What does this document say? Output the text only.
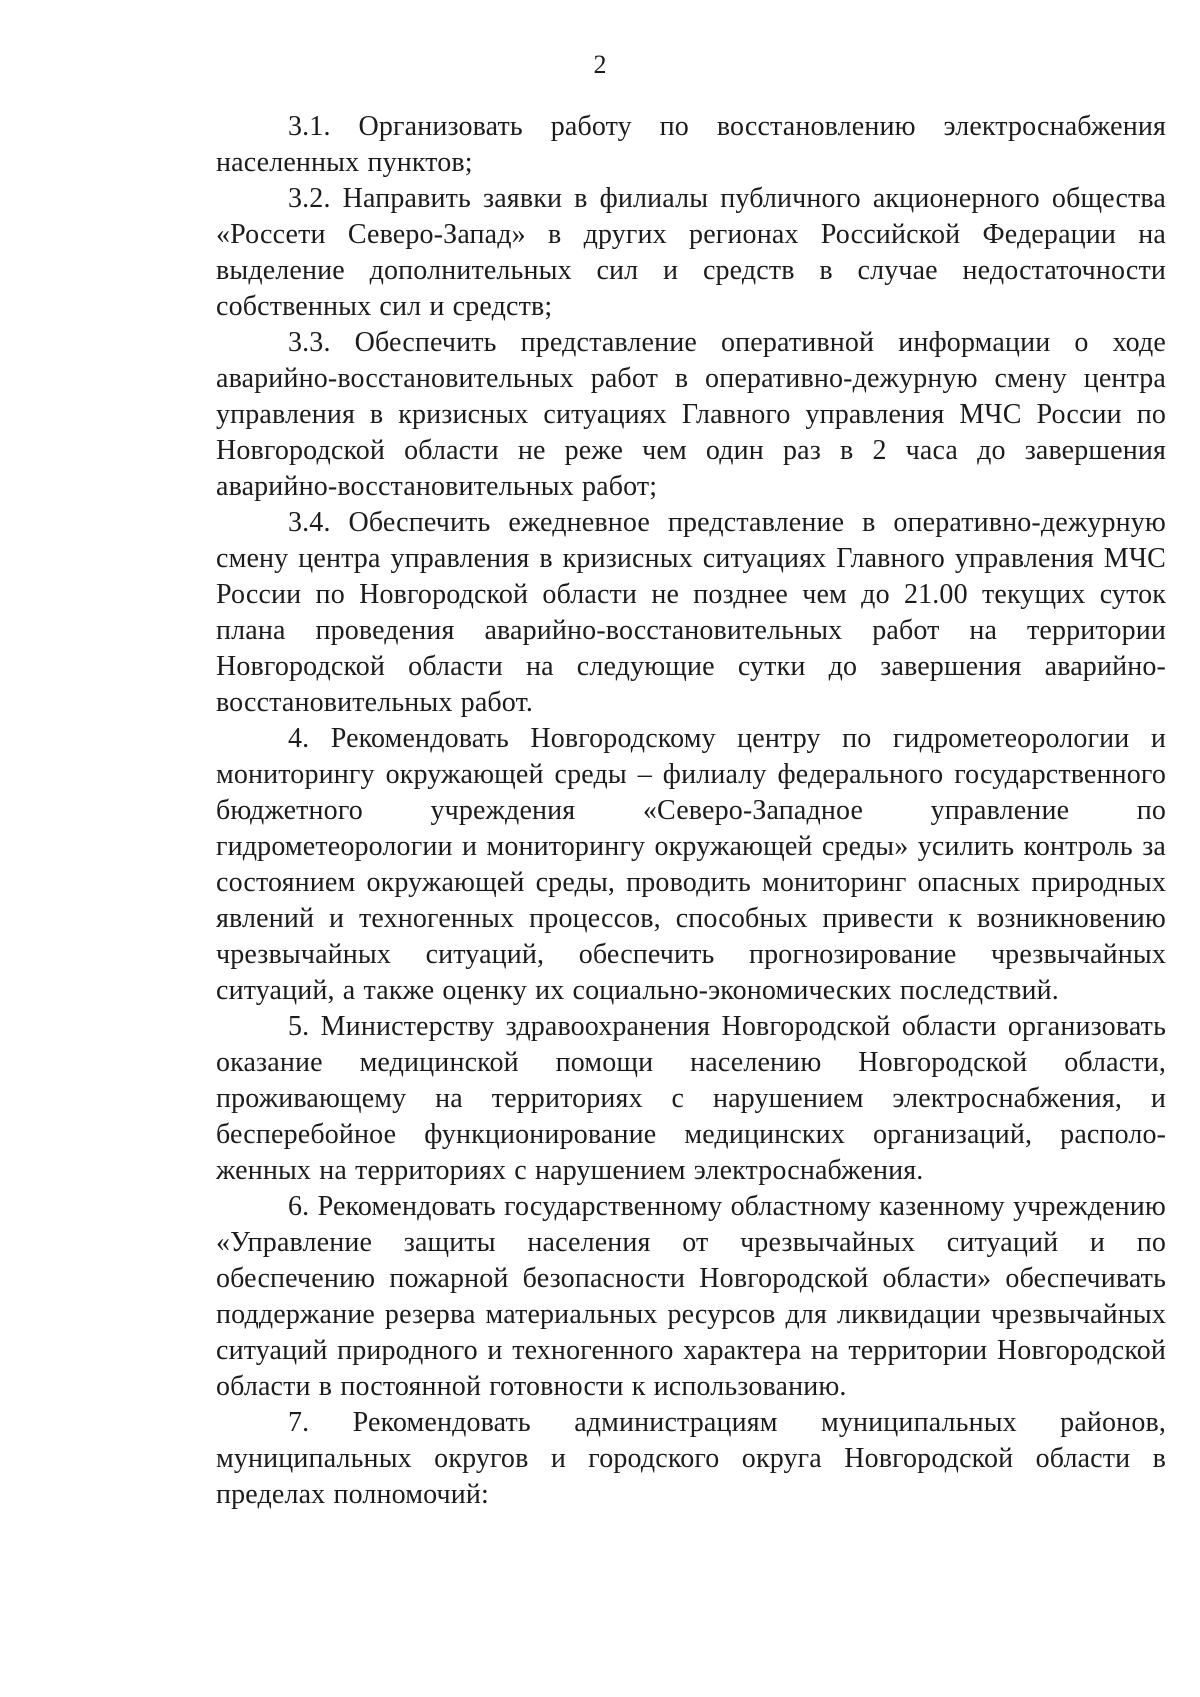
2

3.1. Организовать работу по восстановлению электроснабжения населенных пунктов;

3.2. Направить заявки в филиалы публичного акционерного общества «Россети Северо-Запад» в других регионах Российской Федерации на выделение дополнительных сил и средств в случае недостаточности собственных сил и средств;

3.3. Обеспечить представление оперативной информации о ходе аварийно-восстановительных работ в оперативно-дежурную смену центра управления в кризисных ситуациях Главного управления МЧС России по Новгородской области не реже чем один раз в 2 часа до завершения аварийно-восстановительных работ;

3.4. Обеспечить ежедневное представление в оперативно-дежурную смену центра управления в кризисных ситуациях Главного управления МЧС России по Новгородской области не позднее чем до 21.00 текущих суток плана проведения аварийно-восстановительных работ на территории Новгородской области на следующие сутки до завершения аварийно-восстановительных работ.

4. Рекомендовать Новгородскому центру по гидрометеорологии и мониторингу окружающей среды – филиалу федерального государственного бюджетного учреждения «Северо-Западное управление по гидрометеорологии и мониторингу окружающей среды» усилить контроль за состоянием окружающей среды, проводить мониторинг опасных природных явлений и техногенных процессов, способных привести к возникновению чрезвычайных ситуаций, обеспечить прогнозирование чрезвычайных ситуаций, а также оценку их социально-экономических последствий.

5. Министерству здравоохранения Новгородской области организовать оказание медицинской помощи населению Новгородской области, проживающему на территориях с нарушением электроснабжения, и бесперебойное функционирование медицинских организаций, расположенных на территориях с нарушением электроснабжения.

6. Рекомендовать государственному областному казенному учреждению «Управление защиты населения от чрезвычайных ситуаций и по обеспечению пожарной безопасности Новгородской области» обеспечивать поддержание резерва материальных ресурсов для ликвидации чрезвычайных ситуаций природного и техногенного характера на территории Новгородской области в постоянной готовности к использованию.

7. Рекомендовать администрациям муниципальных районов, муниципальных округов и городского округа Новгородской области в пределах полномочий:
